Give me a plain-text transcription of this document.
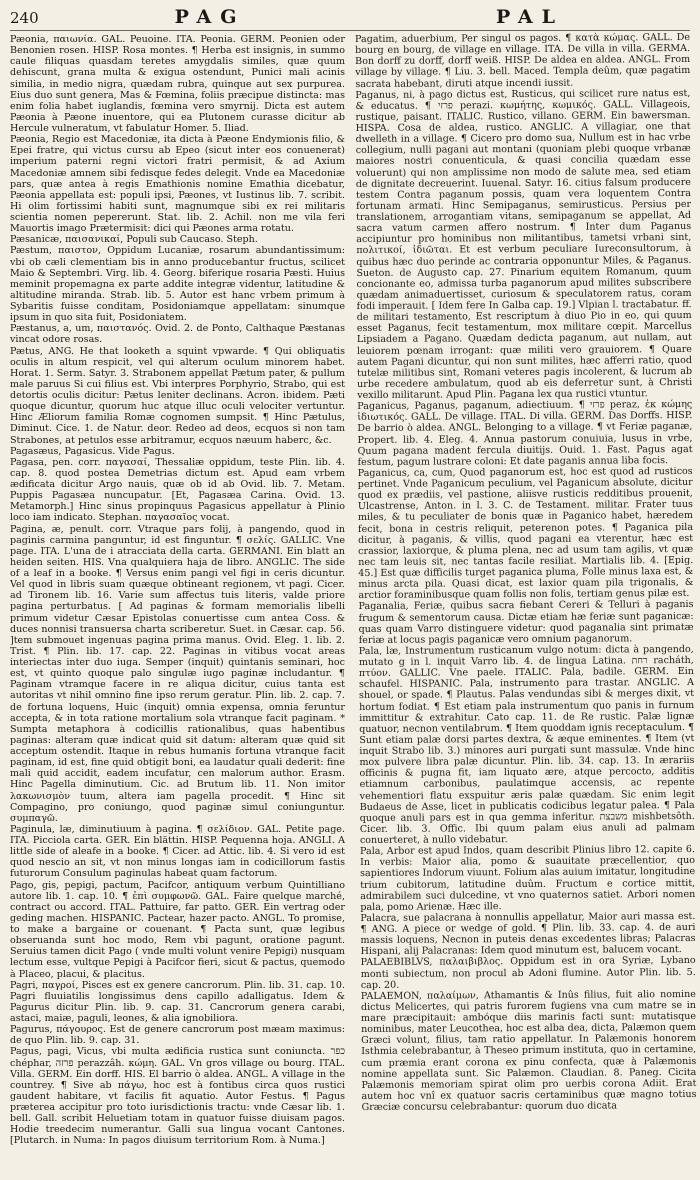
240	PAG	PAL

Pæonia, παιωνία. GAL. Peuoine. ITA. Peonia. GERM. Peonien oder Benonien rosen. HISP. Rosa montes. ¶ Herba est insignis, in summo caule filiquas quasdam teretes amygdalis similes, quæ quum dehiscunt, grana multa & exigua ostendunt, Punici mali acinis similia, in medio nigra, quædam rubra, quinque aut sex purpurea. Eius duo sunt genera, Mas & Fœmina, foliis præcipue distincta: mas enim folia habet iuglandis, fœmina vero smyrnij. Dicta est autem Pæonia à Pæone inuentore, qui ea Plutonem curasse dicitur ab Hercule vulneratum, vt fabulatur Homer. 5. Iliad.

Pæonia, Regio est Macedoniæ, ita dicta à Pæone Endymionis filio, & Epei fratre, qui victus cursu ab Epeo (sicut inter eos conuenerat) imperium paterni regni victori fratri permisit, & ad Axium Macedoniæ amnem sibi fedisque fedes delegit. Vnde ea Macedoniæ pars, quæ antea à regis Emathionis nomine Emathia dicebatur, Pæonia appellata est: populi ipsi, Pæones, vt Iustinus lib. 7. scribit. Hi olim fortissimi habiti sunt, magnumque sibi ex rei militaris scientia nomen pepererunt. Stat. lib. 2. Achil. non me vila feri Mauortis imago Prætermisit: dici qui Pæones arma rotatu.

Pæsanicæ, παισανικαί, Populi sub Caucaso. Steph.

Pæstum, παιστον, Oppidum Lucaniæ, rosarum abundantissimum: vbi ob cæli clementiam bis in anno producebantur fructus, scilicet Maio & Septembri. Virg. lib. 4. Georg. biferique rosaria Pæsti. Huius meminit propemagna ex parte addite integræ videntur, latitudine & altitudine miranda. Strab. lib. 5. Autor est hanc vrbem primum à Sybaritis fuisse conditam, Posidoniamque appellatam: sinumque ipsum in quo sita fuit, Posidoniatem.

Pæstanus, a, um, παιστανός. Ovid. 2. de Ponto, Calthaque Pæstanas vincat odore rosas.

Pætus, ANG. He that looketh a squint vpwarde. ¶ Qui obliquatis oculis in altum respicit, vel qui alterum oculum minorem habet. Horat. 1. Serm. Satyr. 3. Strabonem appellat Pætum pater, & pullum male paruus Si cui filius est. Vbi interpres Porphyrio, Strabo, qui est detortis oculis dicitur: Pætus leniter declinans. Acron. ibidem. Pæti quoque dicuntur, quorum huc atque illuc oculi velociter vertuntur. Hinc Æliorum familia Romæ cognomen sumpsit. ¶ Hinc Pætulus, Diminut. Cice. 1. de Natur. deor. Redeo ad deos, ecquos si non tam Strabones, at petulos esse arbitramur, ecquos næuum haberc, &c.

Pagasæus, Pagasicus. Vide Pagus.

Pagasa, pen. corr. παγασαί, Thessaliæ oppidum, teste Plin. lib. 4. cap. 8. quod postea Demetrias dictum est. Apud eam vrbem ædificata dicitur Argo nauis, quæ ob id ab Ovid. lib. 7. Metam. Puppis Pagasæa nuncupatur. [Et, Pagasæa Carina. Ovid. 13. Metamorph.] Hinc sinus propinquus Pagasicus appellatur à Plinio loco iam indicato. Stephan. παγασαῖος vocat.

Pagina, æ, penult. corr. Vtraque pars folij, à pangendo, quod in paginis carmina panguntur, id est finguntur. ¶ σελίς. GALLIC. Vne page. ITA. L'una de i atracciata della carta. GERMANI. Ein blatt an heiden seiten. HIS. Vna qualquiera haja de libro. ANGLIC. The side of a leaf in a booke. ¶ Versus enim pangi vel figi in ceris dicuntur. Vel quod in libris suam quæque obtineant regionem, vt pagi. Cicer. ad Tironem lib. 16. Varie sum affectus tuis literis, valde priore pagina perturbatus. [ Ad paginas & formam memorialis libelli primum videtur Cæsar Epistolas conuertisse cum antea Coss. & duces nonnisi transuersa charta scriberetur. Suet. in Cæsar. cap. 56. ]tem submouet ingenuas pagina prima manus. Ovid. Eleg. 1. lib. 2. Trist. ¶ Plin. lib. 17. cap. 22. Paginas in vitibus vocat areas interiectas inter duo iuga. Semper (inquit) quintanis seminari, hoc est, vt quinto quoque palo singulæ iugo paginæ includantur. ¶ Paginam vtramque facere in re aliqua dicitur, cuius tanta est autoritas vt nihil omnino fine ipso rerum geratur. Plin. lib. 2. cap. 7. de fortuna loquens, Huic (inquit) omnia expensa, omnia feruntur accepta, & in tota ratione mortalium sola vtranque facit paginam. * Sumpta metaphora à codicillis rationalibus, quas habentibus paginas: alteram quæ indicat quid sit datum: alteram quæ quid sit acceptum ostendit. Itaque in rebus humanis fortuna vtranque facit paginam, id est, fine quid obtigit boni, ea laudatur quali dederit: fine mali quid accidit, eadem incufatur, cen malorum author. Erasm. Hinc Pagella diminutium. Cic. ad Brutum lib. 11. Non imitor λακωνισμὸν tuum, altera iam pagella procedit. ¶ Hinc sit Compagino, pro coniungo, quod paginæ simul coniunguntur. συμπαγῶ.

Paginula, læ, diminutiuum à pagina. ¶ σελίδιον. GAL. Petite page. ITA. Picciola carta. GER. Ein blättin. HISP. Pequenna hoja. ANGLI. A little side of aleafe in a booke. ¶ Cicer. ad Attic. lib. 4. Si vero id est quod nescio an sit, vt non minus longas iam in codicillorum fastis futurorum Consulum paginulas habeat quam factorum.

Pago, gis, pepigi, pactum, Pacifcor, antiquum verbum Quintilliano autore lib. 1. cap. 10. ¶ ἐπὶ συμφωνῶ. GAL. Faire quelque marché, contract ou accord. ITAL. Pattuire, far patto. GER. Ein vertrag oder geding machen. HISPANIC. Pactear, hazer pacto. ANGL. To promise, to make a bargaine or couenant. ¶ Pacta sunt, quæ legibus obseruanda sunt hoc modo, Rem vbi pagunt, oratione pagunt. Seruius tamen dicit Pago ( vnde multi volunt venire Pepigi) nusquam lectum esse, vultque Pepigi à Pacifcor fieri, sicut & pactus, quemodo à Placeo, placui, & placitus.

Pagri, παγροί, Pisces est ex genere cancrorum. Plin. lib. 31. cap. 10. Pagri fluuiatilis longissimus dens capillo adalligatus. Idem & Pagurus dicitur Plin. lib. 9. cap. 31. Cancrorum genera carabi, astaci, maiæ, paguli, leones, & alia ignobiliora.

Pagurus, πάγουρος. Est de genere cancrorum post mæam maximus: de quo Plin. lib. 9. cap. 31.

Pagus, pagi, Vicus, vbi multa ædificia rustica sunt coniuncta. כפר chéphar, פרזה perazzâh. κώμη. GAL. Vn gros village ou bourg. ITAL. Villa. GERM. Ein dorff. HIS. El barrio ò aldea. ANGL. A village in the countrey. ¶ Sive ab πάγω, hoc est à fontibus circa quos rustici gaudent habitare, vt facilis fit aquatio. Autor Festus. ¶ Pagus præterea accipitur pro toto iurisdictionis tractu: vnde Cæsar lib. 1. bell. Gall. scribit Heluetiam totam in quatuor fuisse diuisam pagos. Hodie treedecim numerantur. Galli sua lingua vocant Cantones. [Plutarch. in Numa: In pagos diuisum territorium Rom. à Numa.]

Pagatim, aduerbium, Per singul os pagos. ¶ κατὰ κώμας. GALL. De bourg en bourg, de village en village. ITA. De villa in villa. GERMA. Bon dorff zu dorff, dorff weiß. HISP. De aldea en aldea. ANGL. From village by village. ¶ Liu. 3. bell. Maced. Templa deûm, quæ pagatim sacrata habebant, diruti atque incendi iussit.

Paganus, ni, à pago dictus est, Rusticus, qui scilicet rure natus est, & educatus. ¶ פרזי perazi. κωμήτης, κωμικός. GALL. Villageois, rustique, paisant. ITALIC. Rustico, villano. GERM. Ein bawersman. HISPA. Cosa de aldea, rustico. ANGLIC. A villagiar, one that dwelleth in a village. ¶ Cicero pro domo sua, Nullum est in hac vrbe collegium, nulli pagani aut montani (quoniam plebi quoque vrbanæ maiores nostri conuenticula, & quasi concilia quædam esse voluerunt) qui non amplissime non modo de salute mea, sed etiam de dignitate decreuerint. Iuuenal. Satyr. 16. citius falsum producere testem Contra paganum possis, quam vera loquentem Contra fortunam armati. Hinc Semipaganus, semirusticus. Persius per translationem, arrogantiam vitans, semipaganum se appellat, Ad sacra vatum carmen affero nostrum. ¶ Inter dum Paganus accipiuntur pro hominibus non militantibus, tametsi vrbani sint, πολιτικοί, ἰδιῶται. Et est verbum peculiare Iureconsultorum, à quibus hæc duo perinde ac contraria opponuntur Miles, & Paganus. Sueton. de Augusto cap. 27. Pinarium equitem Romanum, quum concionante eo, admissa turba paganorum apud milites subscribere quædam animaduertisset, curiosum & speculatorem ratus, coram fodi imperauit. [ Idem fere In Galba cap. 19.] Vlpian l. tractabatur. ff. de militari testamento, Est rescriptum à diuo Pio in eo, qui quum esset Paganus, fecit testamentum, mox militare cœpit. Marcellus Lipsiadem a Pagano. Quædam dedicta paganum, aut nullam, aut leuiorem pœnam irrogant: quæ militi vero grauiorem. ¶ Quare autem Pagani dicuntur, qui non sunt milites, hæc afferri ratio, quod tutelæ militibus sint, Romani veteres pagis incolerent, & lucrum ab urbe recedere ambulatum, quod ab eis deferretur sunt, à Christi vexillo militarunt. Apud Plin. Pagana lex qua rustici vtuntur.

Paganicus, Paganus, paganum, adiectiuum. ¶ פרזי peraz, ἐκ κώμης ἰδιωτικός. GALL. De village. ITAL. Di villa. GERM. Das Dorffs. HISP. De barrio ò aldea. ANGL. Belonging to a village. ¶ vt Feriæ paganæ, Propert. lib. 4. Eleg. 4. Annua pastorum conuiuia, lusus in vrbe, Quum pagana madent fercula diuitijs. Ouid. 1. Fast. Pagus agat festum, pagum lustrare coloni: Et date paganis annua liba focis.

Paganicus, ca, cum, Quod paganorum est, hoc est quod ad rusticos pertinet. Vnde Paganicum peculium, vel Paganicum absolute, dicitur quod ex prædiis, vel pastione, aliisve rusticis redditibus prouenit, Ulcastrense, Anton. in l. 3. C. de Testament. militar. Frater tuus miles, & tu peculiater de bonis quæ in Paganico habet, hæredem fecit, bona in cestris reliquit, peterenon potes. ¶ Paganica pila dicitur, à paganis, & villis, quod pagani ea vterentur, hæc est crassior, laxiorque, & pluma plena, nec ad usum tam agilis, vt quæ nec tam leuis sit, nec tantas facile resiliat. Martialis lib. 4. [Epig. 45.] Est quæ difficilis turget paganica pluma, Folle minus laxa est, & minus arcta pila. Quasi dicat, est laxior quam pila trigonalis, & arctior foraminibusque quam follis non folis, tertiam genus pilæ est.

Paganalia, Feriæ, quibus sacra fiebant Cereri & Telluri à paganis frugum & sementorum causa. Dictæ etiam hæ feriæ sunt paganicæ: quas quam Varro distinguere videtur: quod paganalia sint primatæ feriæ at locus pagis paganicæ vero omnium paganorum.

Pala, læ, Instrumentum rusticanum vulgo notum: dicta à pangendo, mutato g in l. inquit Varro lib. 4. de lingua Latina. רחת racháth, πτύον. GALLIC. Vne paele. ITALIC. Pala, badile. GERM. Ein schaufel. HISPANIC. Pala, instrumento para trastar. ANGLIC. A shouel, or spade. ¶ Plautus. Palas vendundas sibi & merges dixit, vt hortum fodiat. ¶ Est etiam pala instrumentum quo panis in furnum immittitur & extrahitur. Cato cap. 11. de Re rustic. Palæ lignæ quatuor, necnon ventilabrum. ¶ Item quoddam ignis receptaculum. ¶ Sunt etiam palæ dorsi partes dextra, & æque eminentes. ¶ Item (vt inquit Strabo lib. 3.) minores auri purgati sunt massulæ. Vnde hinc mox pulvere libra palæ dicuntur. Plin. lib. 34. cap. 13. In ærariis officinis & pugna fit, iam liquato ære, atque percocto, additis etiamnum carbonibus, paulatimque accensis, ac repente vehementiori flatu exspuitur æris palæ quædam. Sic enim legit Budaeus de Asse, licet in publicatis codicibus legatur palea. ¶ Pala quoque anuli pars est in qua gemma inferitur. משבצת mishbetsôth. Cicer. lib. 3. Offic. Ibi quum palam eius anuli ad palmam conuerteret, à nullo videbatur.

Pala, Arbor est apud Indos, quam describit Plinius libro 12. capite 6. In verbis: Maior alia, pomo & suauitate præcellentior, quo sapientiores Indorum viuunt. Folium alas auium imitatur, longitudine trium cubitorum, latitudine duûm. Fructum e cortice mittit, admirabilem suci dulcedine, vt vno quaternos satiet. Arbori nomen pala, pomo Arienæ. Hæc ille.

Palacra, sue palacrana à nonnullis appellatur, Maior auri massa est. ¶ ANG. A piece or wedge of gold. ¶ Plin. lib. 33. cap. 4. de auri massis loquens, Necnon in puteis denas excedentes libras; Palacras Hispani, alij Palacranas: Idem quod minutum est, balucem vocant.

PALAEBIBLVS, παλαιβιβλος. Oppidum est in ora Syriæ, Lybano monti subiectum, non procul ab Adoni flumine. Autor Plin. lib. 5. cap. 20.

PALAEMON, παλαίμων, Athamantis & Inûs filius, fuit alio nomine dictus Melicertes, qui patris furorem fugiens vna cum matre se in mare præcipitauit: ambóque diis marinis facti sunt: mutatisque nominibus, mater Leucothea, hoc est alba dea, dicta, Palæmon quem Græci volunt, filius, tam ratio appellatur. In Palæmonis honorem Isthmia celebrabantur, à Theseo primum instituta, quo in certamine, cum præmia erant corona ex pinu confecta, quæ à Palæmonis nomine appellata sunt. Sic Palæmon. Claudian. 8. Paneg. Cicita Palæmonis memoriam spirat olim pro uerbis corona Adiit. Erat autem hoc vnî ex quatuor sacris certaminibus quæ magno totius Græciæ concursu celebrabantur: quorum duo dicata
